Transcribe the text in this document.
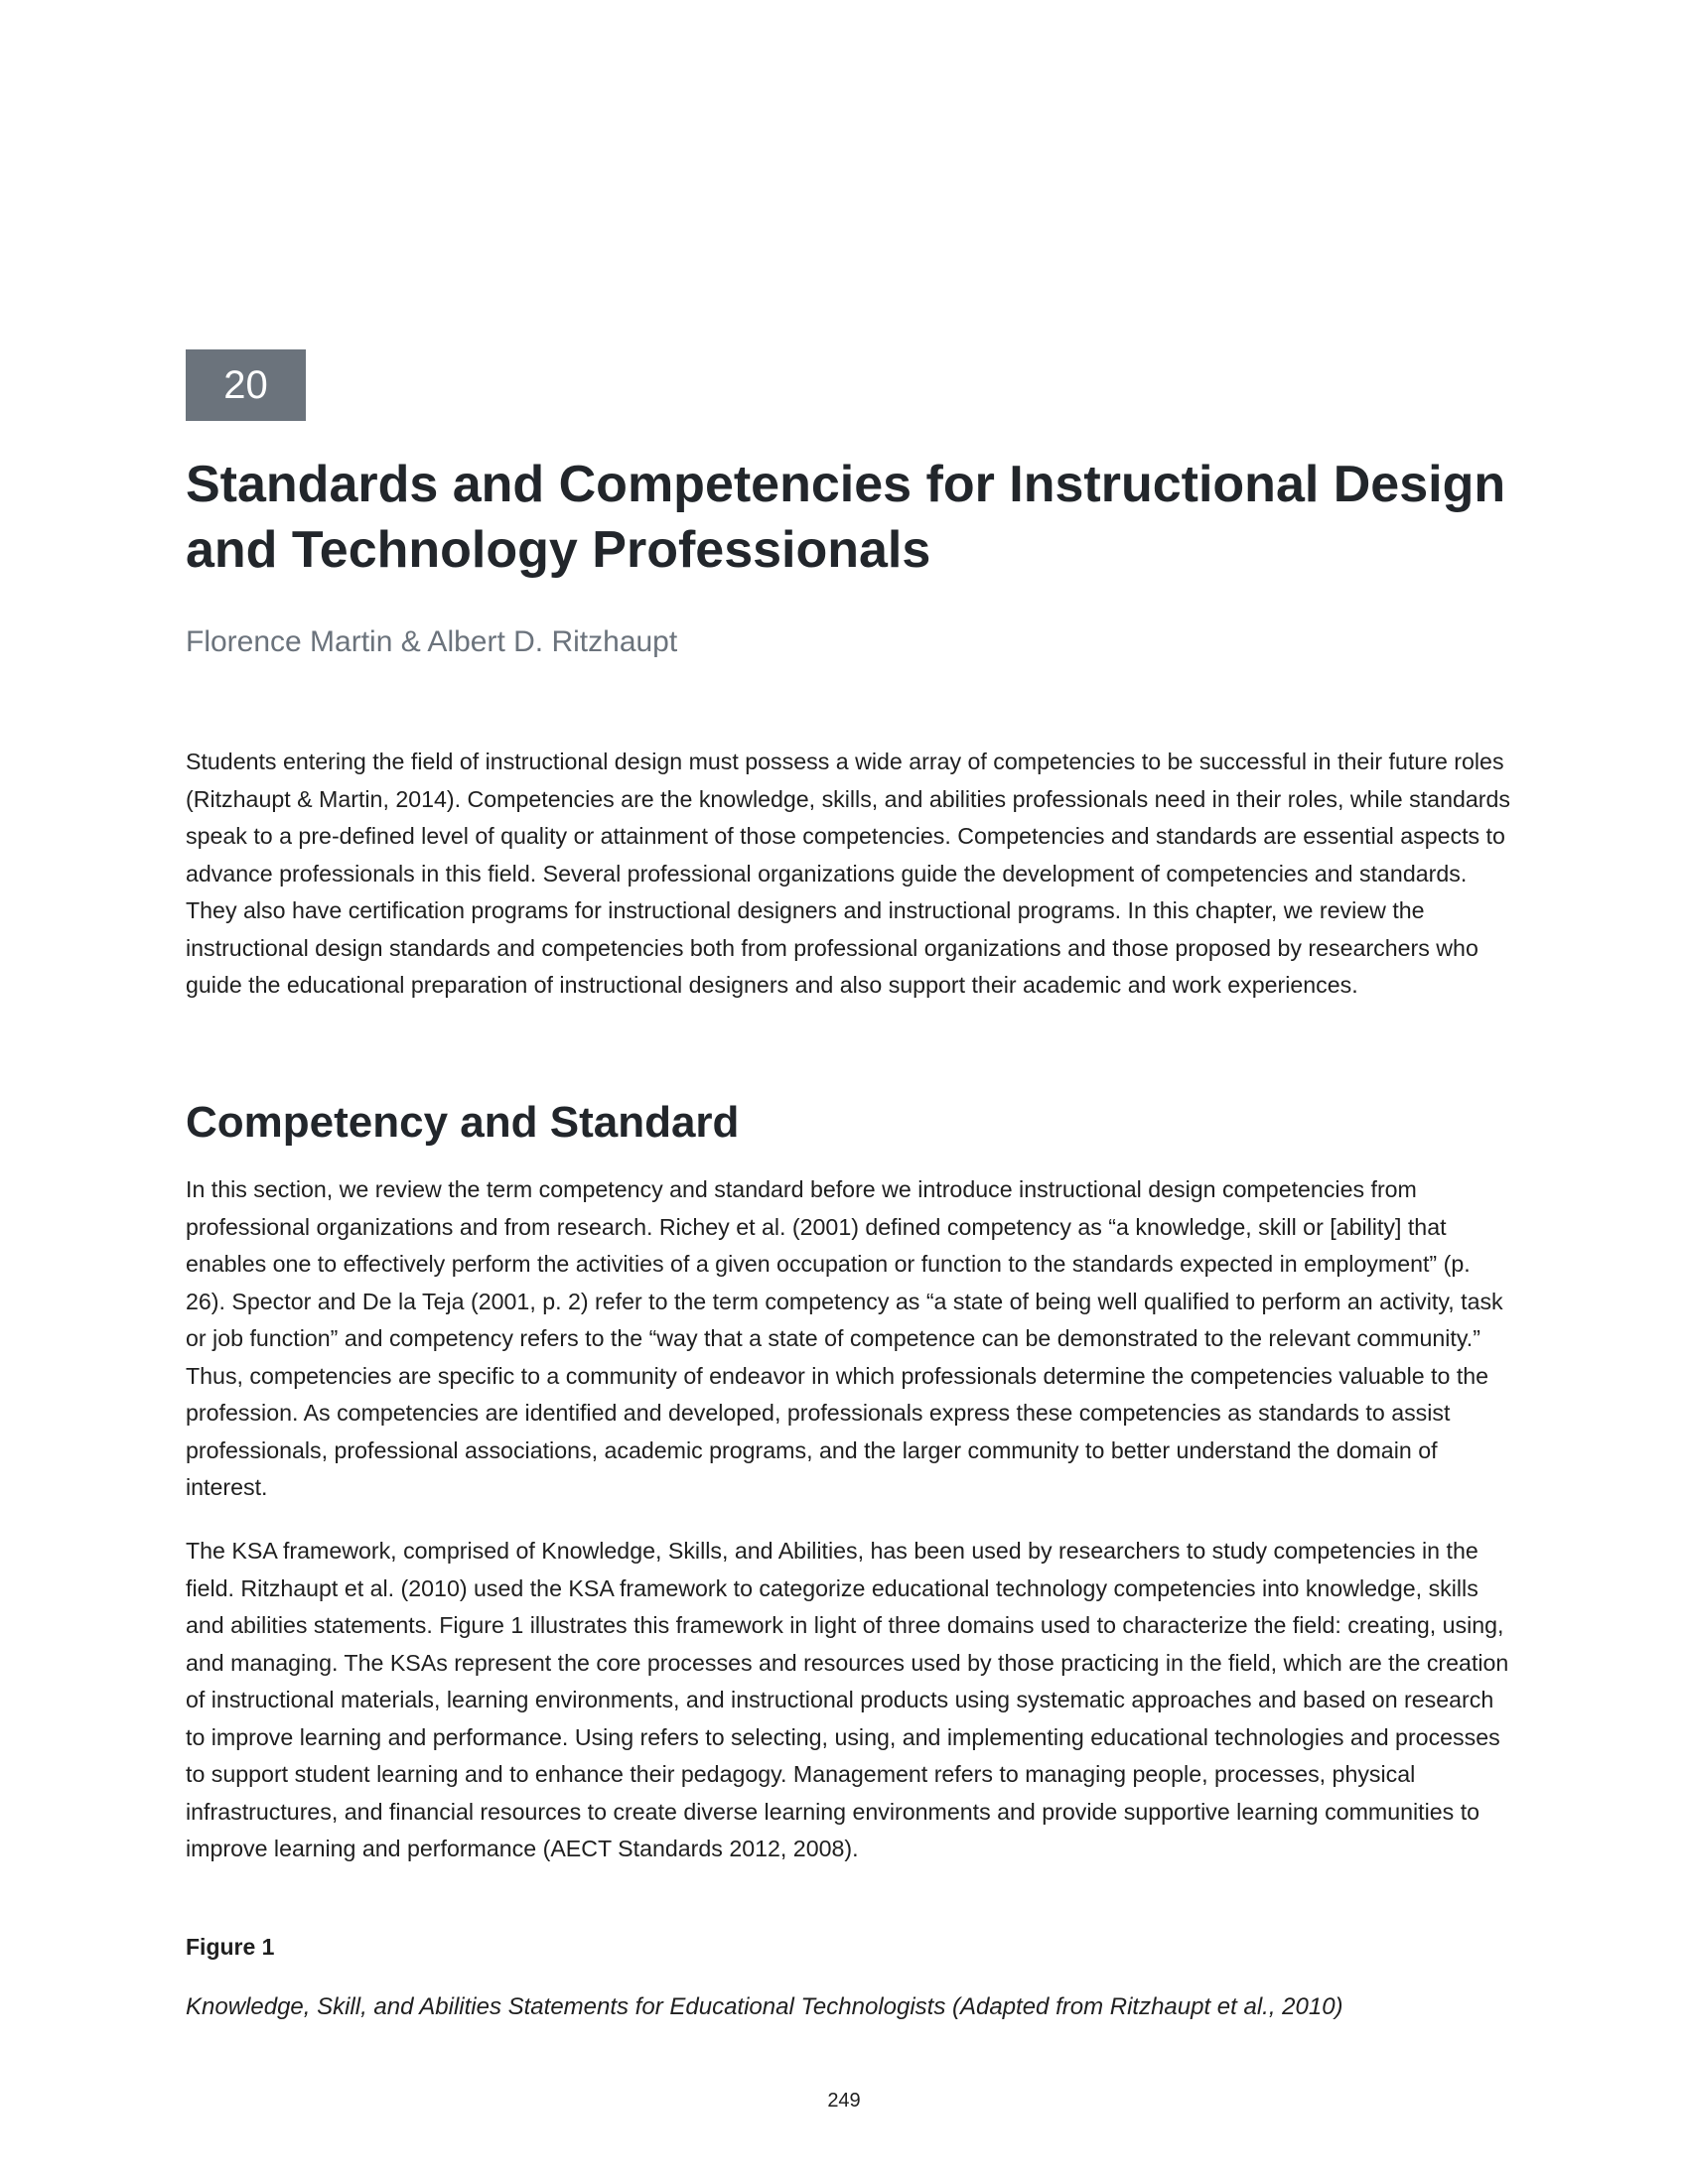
20
Standards and Competencies for Instructional Design and Technology Professionals
Florence Martin & Albert D. Ritzhaupt

Students entering the field of instructional design must possess a wide array of competencies to be successful in their future roles (Ritzhaupt & Martin, 2014). Competencies are the knowledge, skills, and abilities professionals need in their roles, while standards speak to a pre-defined level of quality or attainment of those competencies. Competencies and standards are essential aspects to advance professionals in this field. Several professional organizations guide the development of competencies and standards. They also have certification programs for instructional designers and instructional programs. In this chapter, we review the instructional design standards and competencies both from professional organizations and those proposed by researchers who guide the educational preparation of instructional designers and also support their academic and work experiences.

Competency and Standard

In this section, we review the term competency and standard before we introduce instructional design competencies from professional organizations and from research. Richey et al. (2001) defined competency as “a knowledge, skill or [ability] that enables one to effectively perform the activities of a given occupation or function to the standards expected in employment” (p. 26). Spector and De la Teja (2001, p. 2) refer to the term competency as “a state of being well qualified to perform an activity, task or job function” and competency refers to the “way that a state of competence can be demonstrated to the relevant community.” Thus, competencies are specific to a community of endeavor in which professionals determine the competencies valuable to the profession. As competencies are identified and developed, professionals express these competencies as standards to assist professionals, professional associations, academic programs, and the larger community to better understand the domain of interest.

The KSA framework, comprised of Knowledge, Skills, and Abilities, has been used by researchers to study competencies in the field. Ritzhaupt et al. (2010) used the KSA framework to categorize educational technology competencies into knowledge, skills and abilities statements. Figure 1 illustrates this framework in light of three domains used to characterize the field: creating, using, and managing. The KSAs represent the core processes and resources used by those practicing in the field, which are the creation of instructional materials, learning environments, and instructional products using systematic approaches and based on research to improve learning and performance. Using refers to selecting, using, and implementing educational technologies and processes to support student learning and to enhance their pedagogy. Management refers to managing people, processes, physical infrastructures, and financial resources to create diverse learning environments and provide supportive learning communities to improve learning and performance (AECT Standards 2012, 2008).

Figure 1
Knowledge, Skill, and Abilities Statements for Educational Technologists (Adapted from Ritzhaupt et al., 2010)
249
